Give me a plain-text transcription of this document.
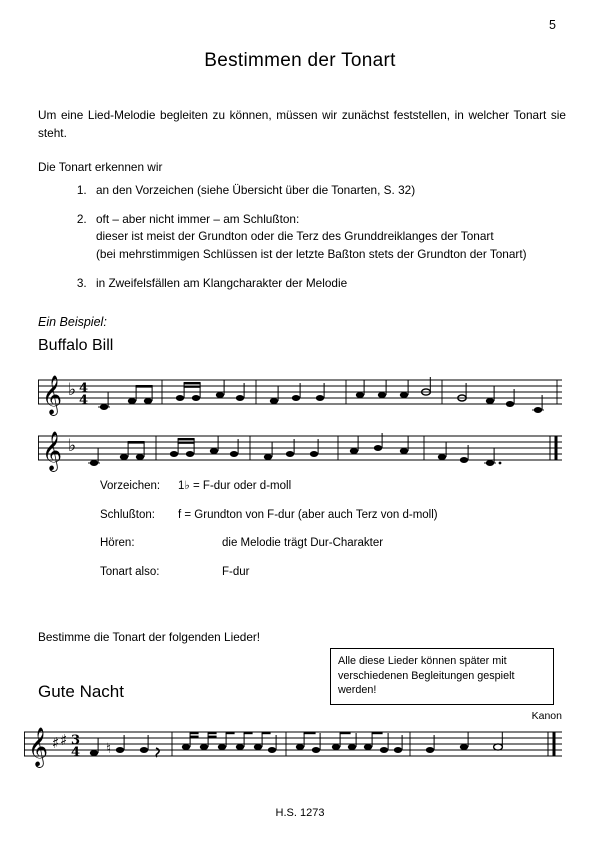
5
Bestimmen der Tonart
Um eine Lied-Melodie begleiten zu können, müssen wir zunächst feststellen, in welcher Tonart sie steht.
Die Tonart erkennen wir
1. an den Vorzeichen (siehe Übersicht über die Tonarten, S. 32)
2. oft – aber nicht immer – am Schlußton:
dieser ist meist der Grundton oder die Terz des Grunddreiklanges der Tonart
(bei mehrstimmigen Schlüssen ist der letzte Baßton stets der Grundton der Tonart)
3. in Zweifelsfällen am Klangcharakter der Melodie
Ein Beispiel:
Buffalo Bill
𝄞 ♭ 4
4
𝄞 ♭
Vorzeichen:	1♭ = F-dur oder d-moll
Schlußton:	f = Grundton von F-dur (aber auch Terz von d-moll)
Hören:	die Melodie trägt Dur-Charakter
Tonart also:	F-dur
Bestimme die Tonart der folgenden Lieder!
Alle diese Lieder können später mit verschiedenen Begleitungen gespielt werden!
Gute Nacht
Kanon
𝄞 ♯ ♯ 3
4 ♮
H.S. 1273
